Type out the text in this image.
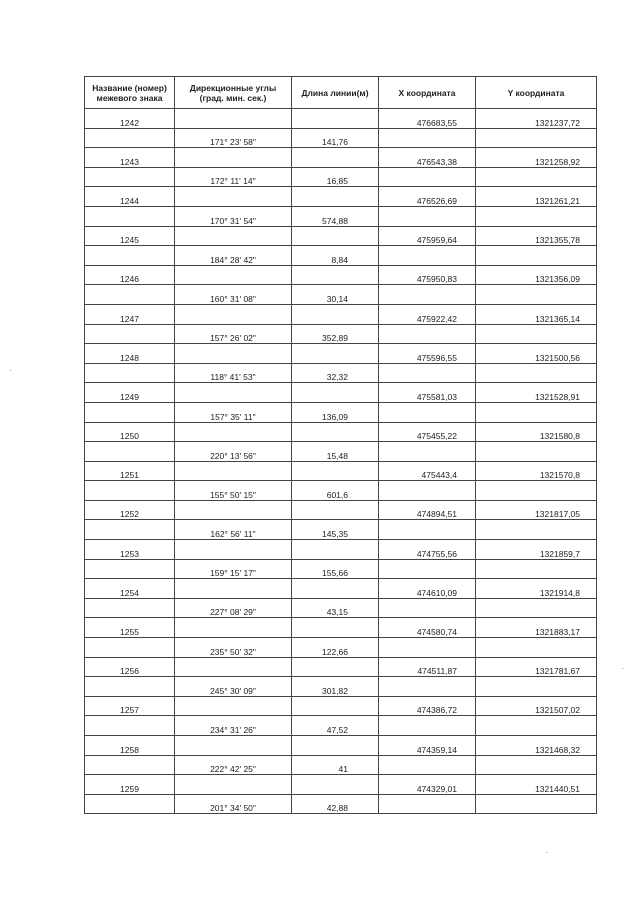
Название (номер) межевого знака	Дирекционные углы (град. мин. сек.)	Длина линии(м)	X координата	Y координата
1242			476683,55	1321237,72
	171° 23' 58"	141,76		
1243			476543,38	1321258,92
	172° 11' 14"	16,85		
1244			476526,69	1321261,21
	170° 31' 54"	574,88		
1245			475959,64	1321355,78
	184° 28' 42"	8,84		
1246			475950,83	1321356,09
	160° 31' 08"	30,14		
1247			475922,42	1321365,14
	157° 26' 02"	352,89		
1248			475596,55	1321500,56
	118° 41' 53"	32,32		
1249			475581,03	1321528,91
	157° 35' 11"	136,09		
1250			475455,22	1321580,8
	220° 13' 56"	15,48		
1251			475443,4	1321570,8
	155° 50' 15"	601,6		
1252			474894,51	1321817,05
	162° 56' 11"	145,35		
1253			474755,56	1321859,7
	159° 15' 17"	155,66		
1254			474610,09	1321914,8
	227° 08' 29"	43,15		
1255			474580,74	1321883,17
	235° 50' 32"	122,66		
1256			474511,87	1321781,67
	245° 30' 09"	301,82		
1257			474386,72	1321507,02
	234° 31' 26"	47,52		
1258			474359,14	1321468,32
	222° 42' 25"	41		
1259			474329,01	1321440,51
	201° 34' 50"	42,88		
